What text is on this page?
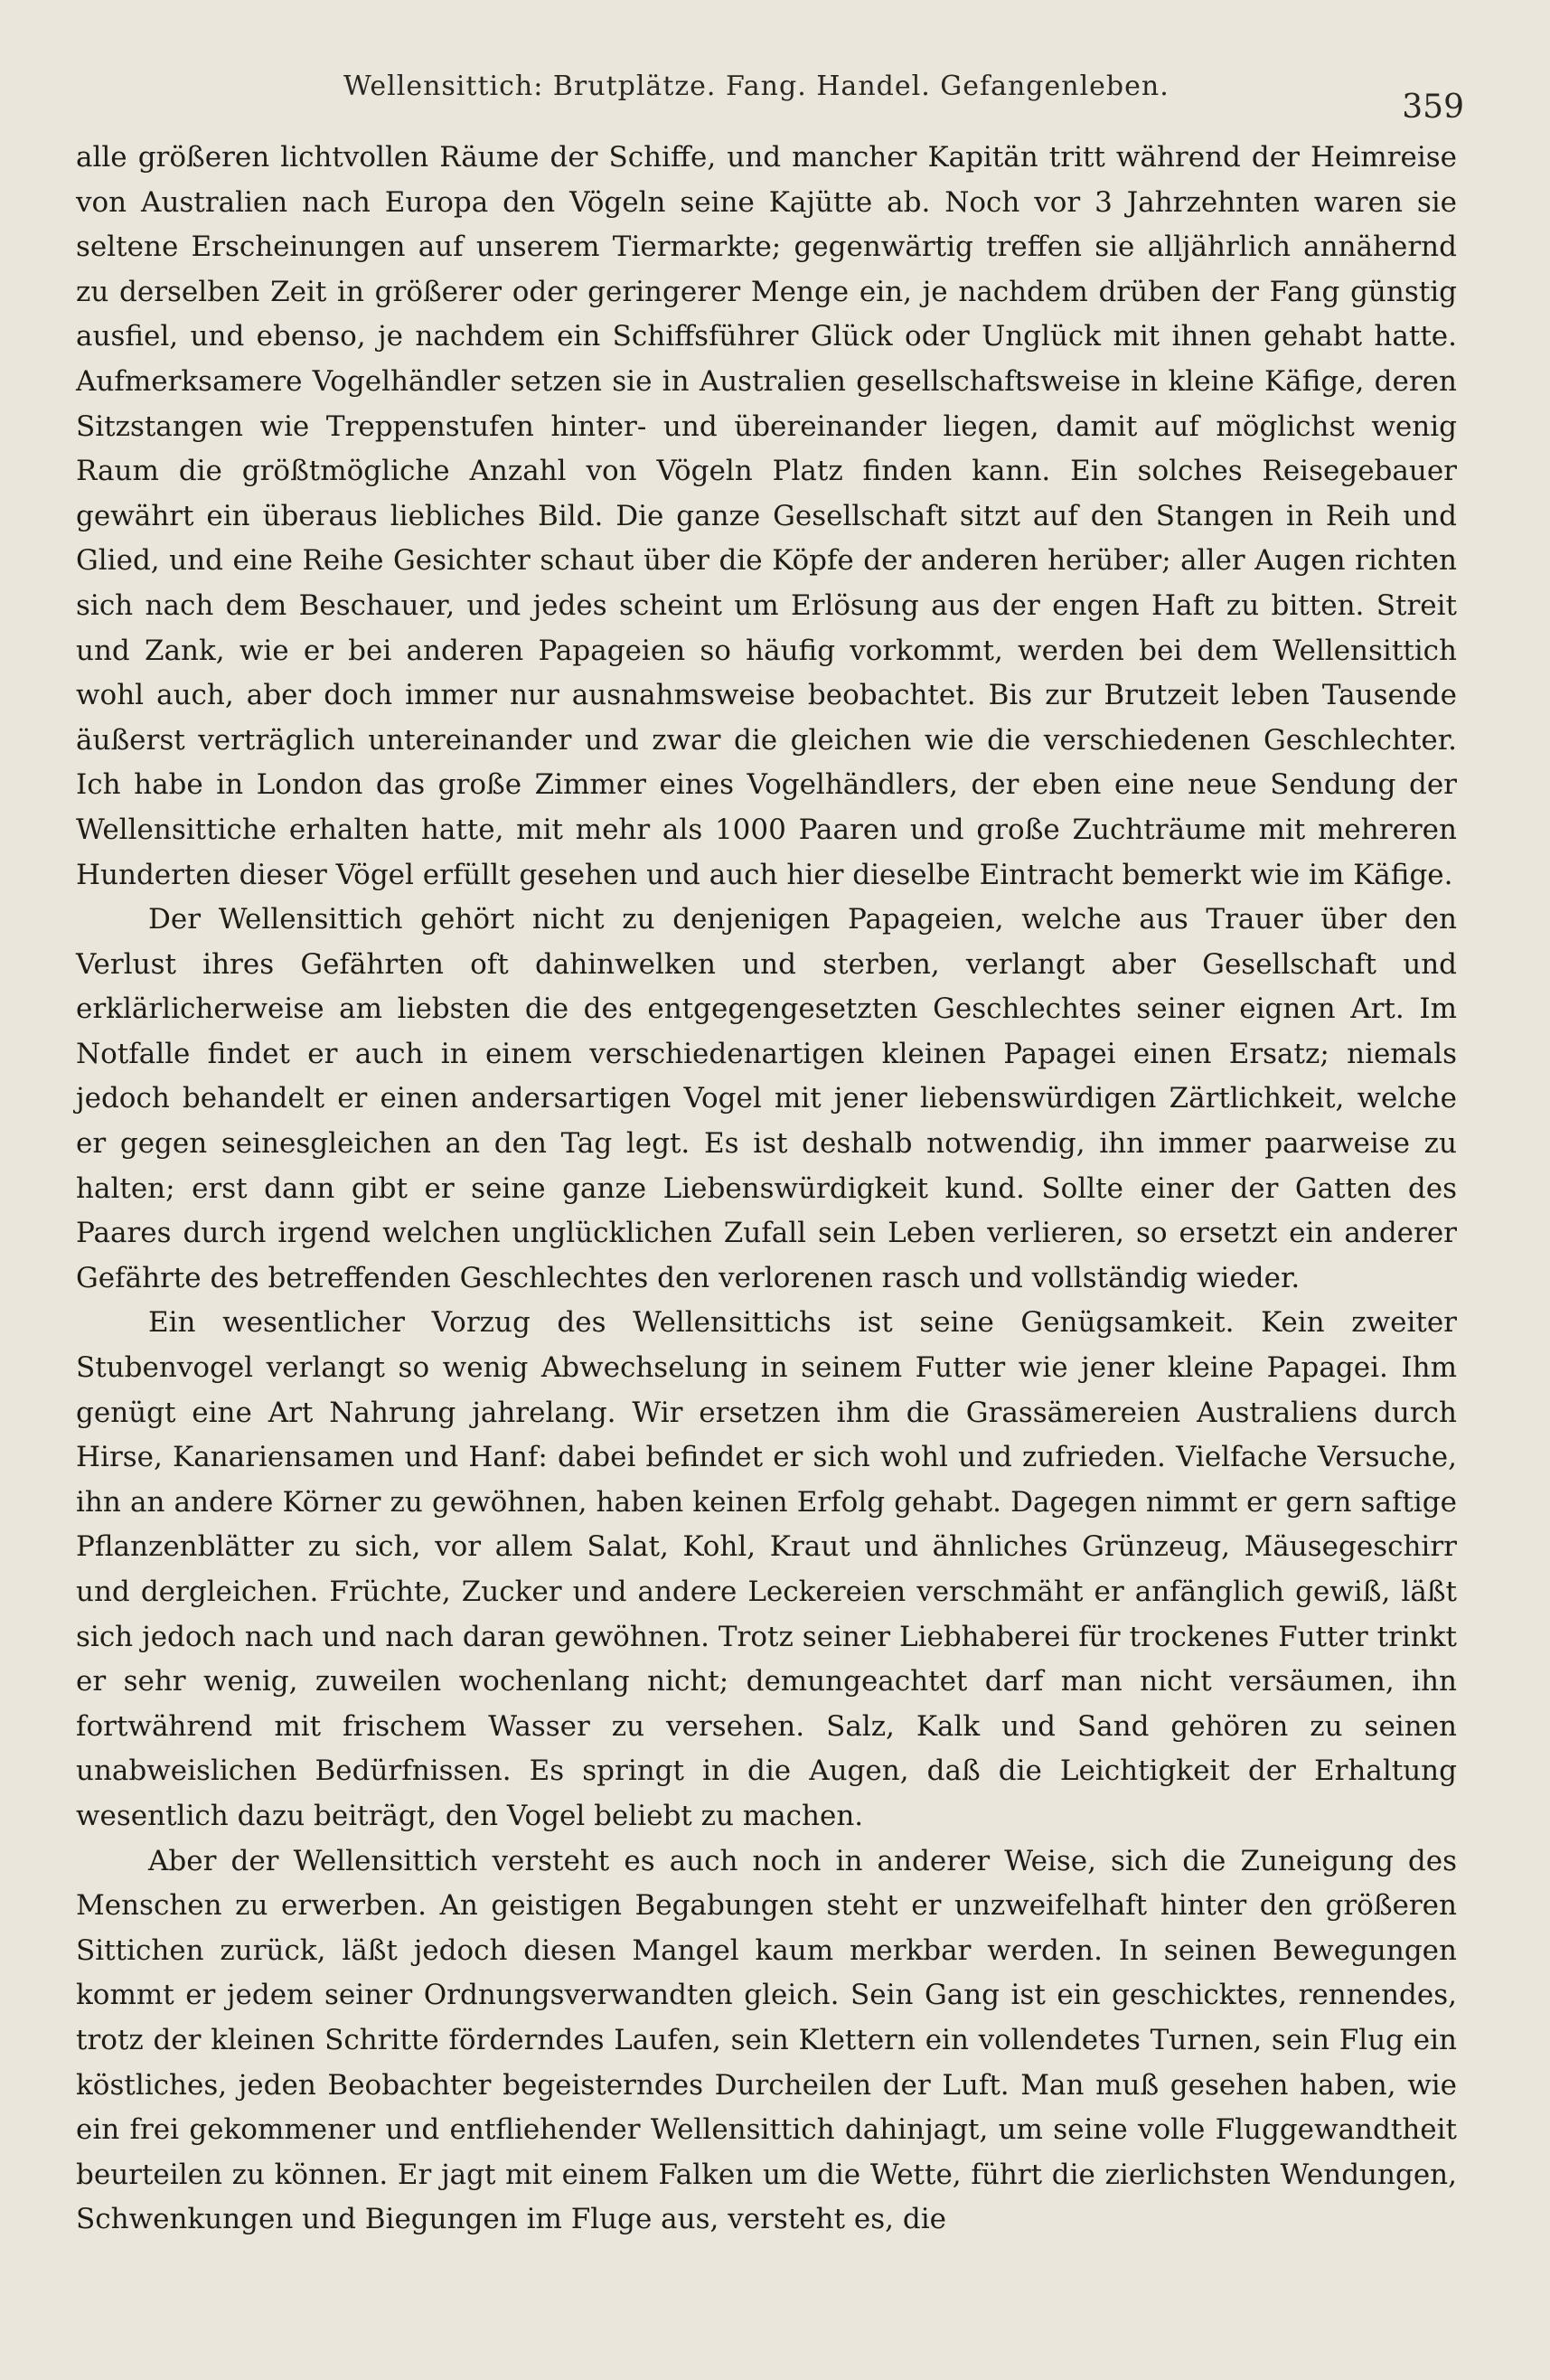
Wellensittich: Brutplätze. Fang. Handel. Gefangenleben.
359

alle größeren lichtvollen Räume der Schiffe, und mancher Kapitän tritt während der Heimreise von Australien nach Europa den Vögeln seine Kajütte ab. Noch vor 3 Jahrzehnten waren sie seltene Erscheinungen auf unserem Tiermarkte; gegenwärtig treffen sie alljährlich annähernd zu derselben Zeit in größerer oder geringerer Menge ein, je nachdem drüben der Fang günstig ausfiel, und ebenso, je nachdem ein Schiffsführer Glück oder Unglück mit ihnen gehabt hatte. Aufmerksamere Vogelhändler setzen sie in Australien gesellschaftsweise in kleine Käfige, deren Sitzstangen wie Treppenstufen hinter- und übereinander liegen, damit auf möglichst wenig Raum die größtmögliche Anzahl von Vögeln Platz finden kann. Ein solches Reisegebauer gewährt ein überaus liebliches Bild. Die ganze Gesellschaft sitzt auf den Stangen in Reih und Glied, und eine Reihe Gesichter schaut über die Köpfe der anderen herüber; aller Augen richten sich nach dem Beschauer, und jedes scheint um Erlösung aus der engen Haft zu bitten. Streit und Zank, wie er bei anderen Papageien so häufig vorkommt, werden bei dem Wellensittich wohl auch, aber doch immer nur ausnahmsweise beobachtet. Bis zur Brutzeit leben Tausende äußerst verträglich untereinander und zwar die gleichen wie die verschiedenen Geschlechter. Ich habe in London das große Zimmer eines Vogelhändlers, der eben eine neue Sendung der Wellensittiche erhalten hatte, mit mehr als 1000 Paaren und große Zuchträume mit mehreren Hunderten dieser Vögel erfüllt gesehen und auch hier dieselbe Eintracht bemerkt wie im Käfige.

Der Wellensittich gehört nicht zu denjenigen Papageien, welche aus Trauer über den Verlust ihres Gefährten oft dahinwelken und sterben, verlangt aber Gesellschaft und erklärlicherweise am liebsten die des entgegengesetzten Geschlechtes seiner eignen Art. Im Notfalle findet er auch in einem verschiedenartigen kleinen Papagei einen Ersatz; niemals jedoch behandelt er einen andersartigen Vogel mit jener liebenswürdigen Zärtlichkeit, welche er gegen seinesgleichen an den Tag legt. Es ist deshalb notwendig, ihn immer paarweise zu halten; erst dann gibt er seine ganze Liebenswürdigkeit kund. Sollte einer der Gatten des Paares durch irgend welchen unglücklichen Zufall sein Leben verlieren, so ersetzt ein anderer Gefährte des betreffenden Geschlechtes den verlorenen rasch und vollständig wieder.

Ein wesentlicher Vorzug des Wellensittichs ist seine Genügsamkeit. Kein zweiter Stubenvogel verlangt so wenig Abwechselung in seinem Futter wie jener kleine Papagei. Ihm genügt eine Art Nahrung jahrelang. Wir ersetzen ihm die Grassämereien Australiens durch Hirse, Kanariensamen und Hanf: dabei befindet er sich wohl und zufrieden. Vielfache Versuche, ihn an andere Körner zu gewöhnen, haben keinen Erfolg gehabt. Dagegen nimmt er gern saftige Pflanzenblätter zu sich, vor allem Salat, Kohl, Kraut und ähnliches Grünzeug, Mäusegeschirr und dergleichen. Früchte, Zucker und andere Leckereien verschmäht er anfänglich gewiß, läßt sich jedoch nach und nach daran gewöhnen. Trotz seiner Liebhaberei für trockenes Futter trinkt er sehr wenig, zuweilen wochenlang nicht; demungeachtet darf man nicht versäumen, ihn fortwährend mit frischem Wasser zu versehen. Salz, Kalk und Sand gehören zu seinen unabweislichen Bedürfnissen. Es springt in die Augen, daß die Leichtigkeit der Erhaltung wesentlich dazu beiträgt, den Vogel beliebt zu machen.

Aber der Wellensittich versteht es auch noch in anderer Weise, sich die Zuneigung des Menschen zu erwerben. An geistigen Begabungen steht er unzweifelhaft hinter den größeren Sittichen zurück, läßt jedoch diesen Mangel kaum merkbar werden. In seinen Bewegungen kommt er jedem seiner Ordnungsverwandten gleich. Sein Gang ist ein geschicktes, rennendes, trotz der kleinen Schritte förderndes Laufen, sein Klettern ein vollendetes Turnen, sein Flug ein köstliches, jeden Beobachter begeisterndes Durcheilen der Luft. Man muß gesehen haben, wie ein frei gekommener und entfliehender Wellensittich dahinjagt, um seine volle Fluggewandtheit beurteilen zu können. Er jagt mit einem Falken um die Wette, führt die zierlichsten Wendungen, Schwenkungen und Biegungen im Fluge aus, versteht es, die
